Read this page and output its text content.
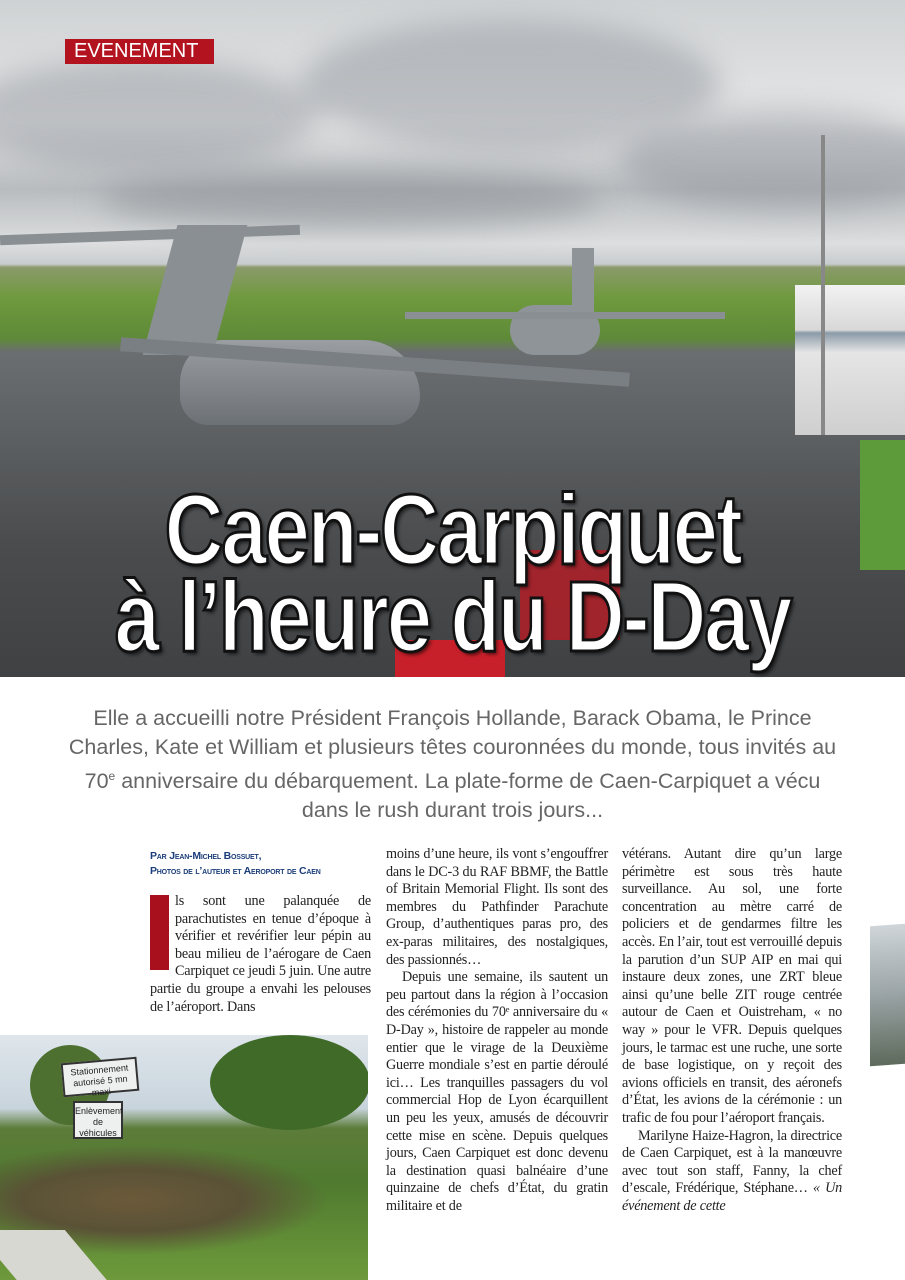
EVENEMENT
Caen-Carpiquet
à l’heure du D-Day
Elle a accueilli notre Président François Hollande, Barack Obama, le Prince Charles, Kate et William et plusieurs têtes couronnées du monde, tous invités au 70e anniversaire du débarquement. La plate-forme de Caen-Carpiquet a vécu dans le rush durant trois jours...
Par Jean-Michel Bossuet,
Photos de l’auteur et Aeroport de Caen

ls sont une palanquée de parachutistes en tenue d’époque à vérifier et revérifier leur pépin au beau milieu de l’aérogare de Caen Carpiquet ce jeudi 5 juin. Une autre partie du groupe a envahi les pelouses de l’aéroport. Dans

moins d’une heure, ils vont s’engouffrer dans le DC-3 du RAF BBMF, the Battle of Britain Memorial Flight. Ils sont des membres du Pathfinder Parachute Group, d’authentiques paras pro, des ex-paras militaires, des nostalgiques, des passionnés…

Depuis une semaine, ils sautent un peu partout dans la région à l’occasion des cérémonies du 70ᵉ anniversaire du « D-Day », histoire de rappeler au monde entier que le virage de la Deuxième Guerre mondiale s’est en partie déroulé ici… Les tranquilles passagers du vol commercial Hop de Lyon écarquillent un peu les yeux, amusés de découvrir cette mise en scène. Depuis quelques jours, Caen Carpiquet est donc devenu la destination quasi balnéaire d’une quinzaine de chefs d’État, du gratin militaire et de

vétérans. Autant dire qu’un large périmètre est sous très haute surveillance. Au sol, une forte concentration au mètre carré de policiers et de gendarmes filtre les accès. En l’air, tout est verrouillé depuis la parution d’un SUP AIP en mai qui instaure deux zones, une ZRT bleue ainsi qu’une belle ZIT rouge centrée autour de Caen et Ouistreham, « no way » pour le VFR. Depuis quelques jours, le tarmac est une ruche, une sorte de base logistique, on y reçoit des avions officiels en transit, des aéronefs d’État, les avions de la cérémonie : un trafic de fou pour l’aéroport français.

Marilyne Haize-Hagron, la directrice de Caen Carpiquet, est à la manœuvre avec tout son staff, Fanny, la chef d’escale, Frédérique, Stéphane… « Un événement de cette

Stationnement autorisé 5 mn maxi
Enlèvement de véhicules
